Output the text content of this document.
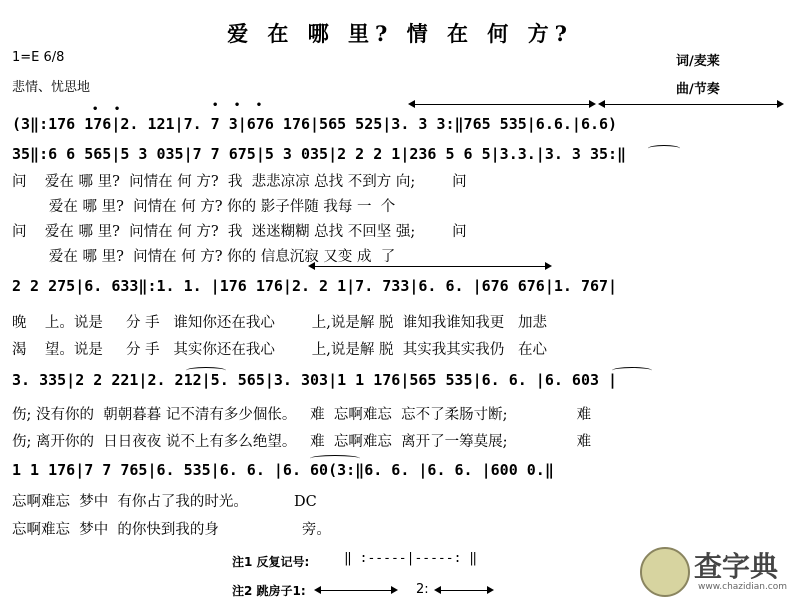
爱 在 哪 里? 情 在 何 方?
1=E 6/8
悲情、忧思地
词/麦莱
曲/节奏
• •	• • •
(3‖:176 176|2. 121|7. 7 3|676 176|565 525|3. 3 3:‖765 535|6.6.|6.6)
35‖:6 6 565|5 3 035|7 7 675|5 3 035|2 2 2 1|236 5 6 5|3.3.|3. 3 35:‖
2 2 275|6. 633‖:1. 1. |176 176|2. 2 1|7. 733|6. 6. |676 676|1. 767|
3. 335|2 2 221|2. 212|5. 565|3. 303|1 1 176|565 535|6. 6. |6. 603 |
1 1 176|7 7 765|6. 535|6. 6. |6. 60(3:‖6. 6. |6. 6. |600 0.‖
问    爱在 哪 里?  问情在 何 方?  我  悲悲凉凉 总找 不到方 向;        问
爱在 哪 里?  问情在 何 方? 你的 影子伴随 我每 一  个
问    爱在 哪 里?  问情在 何 方?  我  迷迷糊糊 总找 不回坚 强;        问
爱在 哪 里?  问情在 何 方? 你的 信息沉寂 又变 成  了
晚    上。说是     分 手   谁知你还在我心        上,说是解 脱  谁知我谁知我更   加悲
渴    望。说是     分 手   其实你还在我心        上,说是解 脱  其实我其实我仍   在心
伤; 没有你的  朝朝暮暮 记不清有多少個伥。   难  忘啊难忘  忘不了柔肠寸断;               难
伤; 离开你的  日日夜夜 说不上有多么绝望。   难  忘啊难忘  离开了一筹莫展;               难
忘啊难忘  梦中  有你占了我的时光。          DC
忘啊难忘  梦中  的你快到我的身                  旁。
注1 反复记号:	‖ :-----|-----: ‖
注2 跳房子1:	2:
查字典
www.chazidian.com
